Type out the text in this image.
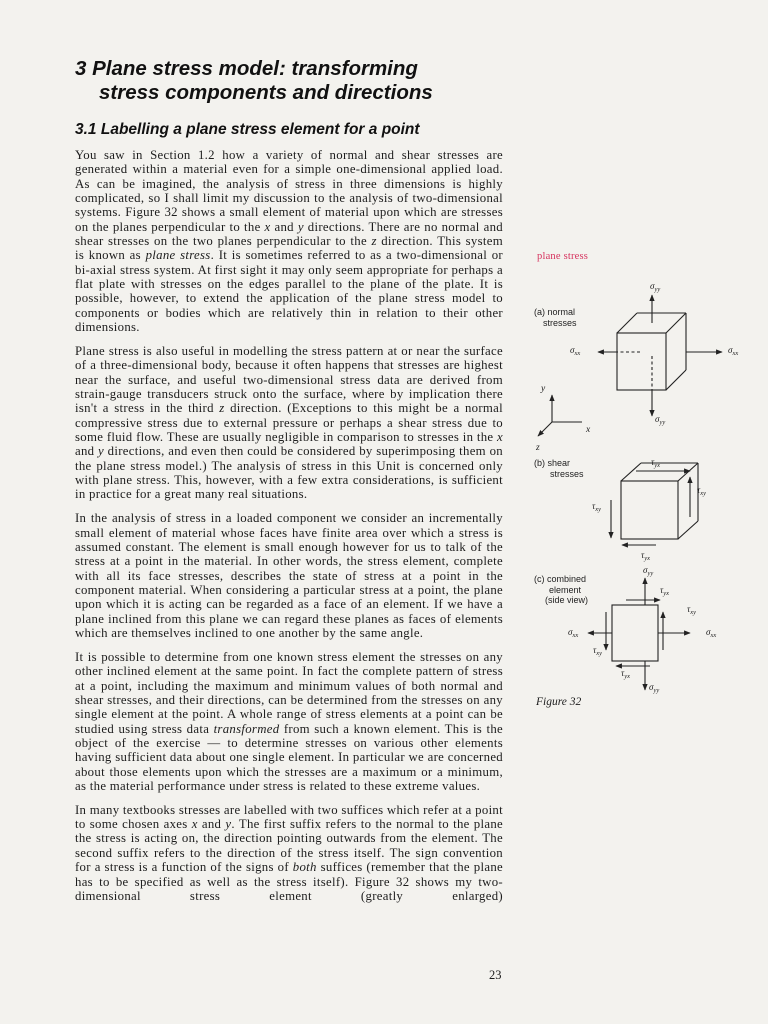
3 Plane stress model: transforming
stress components and directions
3.1 Labelling a plane stress element for a point

You saw in Section 1.2 how a variety of normal and shear stresses are generated within a material even for a simple one-dimensional applied load. As can be imagined, the analysis of stress in three dimensions is highly complicated, so I shall limit my discussion to the analysis of two-dimensional systems. Figure 32 shows a small element of material upon which are stresses on the planes perpendicular to the x and y directions. There are no normal and shear stresses on the two planes perpendicular to the z direction. This system is known as plane stress. It is sometimes referred to as a two-dimensional or bi-axial stress system. At first sight it may only seem appropriate for perhaps a flat plate with stresses on the edges parallel to the plane of the plate. It is possible, however, to extend the application of the plane stress model to components or bodies which are relatively thin in relation to their other dimensions.

Plane stress is also useful in modelling the stress pattern at or near the surface of a three-dimensional body, because it often happens that stresses are highest near the surface, and useful two-dimensional stress data are derived from strain-gauge transducers struck onto the surface, where by implication there isn't a stress in the third z direction. (Exceptions to this might be a normal compressive stress due to external pressure or perhaps a shear stress due to some fluid flow. These are usually negligible in comparison to stresses in the x and y directions, and even then could be considered by superimposing them on the plane stress model.) The analysis of stress in this Unit is concerned only with plane stress. This, however, with a few extra considerations, is sufficient in practice for a great many real situations.

In the analysis of stress in a loaded component we consider an incrementally small element of material whose faces have finite area over which a stress is assumed constant. The element is small enough however for us to talk of the stress at a point in the material. In other words, the stress element, complete with all its face stresses, describes the state of stress at a point in the component material. When considering a particular stress at a point, the plane upon which it is acting can be regarded as a face of an element. If we have a plane inclined from this plane we can regard these planes as faces of elements which are themselves inclined to one another by the same angle.

It is possible to determine from one known stress element the stresses on any other inclined element at the same point. In fact the complete pattern of stress at a point, including the maximum and minimum values of both normal and shear stresses, and their directions, can be determined from the stresses on any single element at the point. A whole range of stress elements at a point can be studied using stress data transformed from such a known element. This is the object of the exercise — to determine stresses on various other elements having sufficient data about one single element. In particular we are concerned about those elements upon which the stresses are a maximum or a minimum, as the material performance under stress is related to these extreme values.

In many textbooks stresses are labelled with two suffices which refer at a point to some chosen axes x and y. The first suffix refers to the normal to the plane the stress is acting on, the direction pointing outwards from the element. The second suffix refers to the direction of the stress itself. The sign convention for a stress is a function of the signs of both suffices (remember that the plane has to be specified as well as the stress itself). Figure 32 shows my two-dimensional stress element (greatly enlarged)

plane stress
(a) normal
stresses
(b) shear
stresses
(c) combined
element
(side view)
y
x
z
$\sigma_{yy}$
$\sigma_{xx}$	$\sigma_{xx}$
$\sigma_{yy}$
$\tau_{yx}$
$\tau_{xy}$
$\tau_{xy}$
$\tau_{yx}$
$\sigma_{yy}$
$\tau_{yx}$
$\tau_{xy}$
$\sigma_{xx}$
$\sigma_{xx}$
$\tau_{xy}$
$\tau_{yx}$
$\sigma_{yy}$
Figure 32
23
